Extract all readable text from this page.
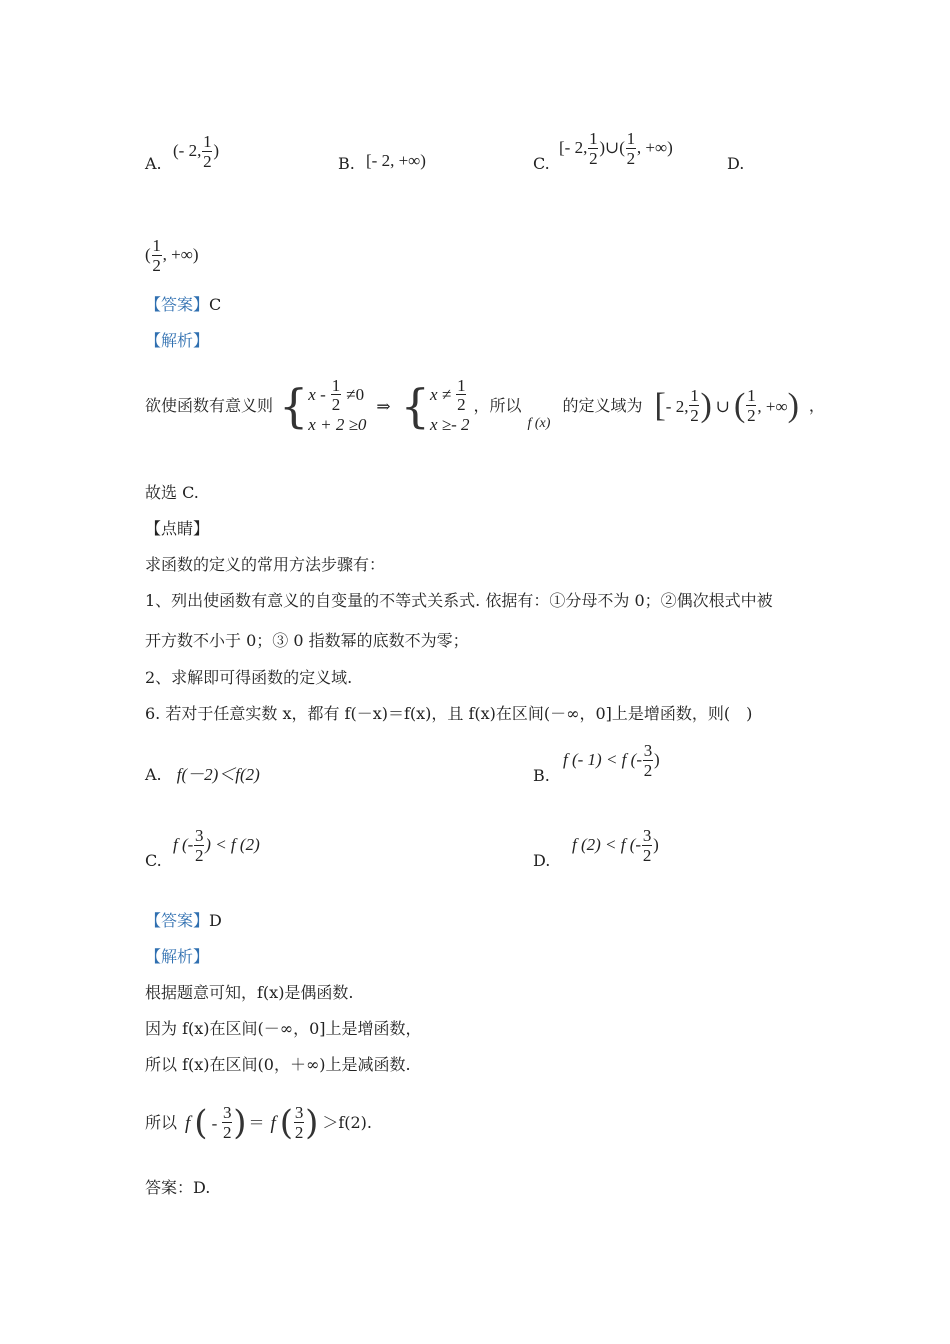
A.
(- 2, $\frac{1}{2}$ )
B. [- 2, +∞)	C.
[- 2, $\frac{1}{2}$ )∪( $\frac{1}{2}$ , +∞)
D.
( $\frac{1}{2}$ , +∞)
【答案】C
【解析】
欲使函数有意义则 { $x - \frac{1}{2} \ne 0$
x + 2 ≥0
⇒ { $x \ne \frac{1}{2}$
x ≥- 2
，所以
f (x)
的定义域为 [ - 2, $\frac{1}{2}$ ) ∪ ( $\frac{1}{2}$ , +∞ ) ，
故选 C.
【点睛】
求函数的定义的常用方法步骤有：
1、列出使函数有意义的自变量的不等式关系式. 依据有：①分母不为 0；②偶次根式中被
开方数不小于 0；③ 0 指数幂的底数不为零；
2、求解即可得函数的定义域.
6. 若对于任意实数 x，都有 f(－x)＝f(x)，且 f(x)在区间(－∞，0]上是增函数，则(　)
A. f(－2)＜f(2)	B.
f (- 1) < f (- $\frac{3}{2}$ )
C.
f (- $\frac{3}{2}$ ) < f (2)
D.
f (2) < f (- $\frac{3}{2}$ )
【答案】D
【解析】
根据题意可知，f(x)是偶函数.
因为 f(x)在区间(－∞，0]上是增函数，
所以 f(x)在区间(0，＋∞)上是减函数.
所以 f ( - $\frac{3}{2}$ ) ＝ f ( $\frac{3}{2}$ ) ＞f(2).
答案：D.
